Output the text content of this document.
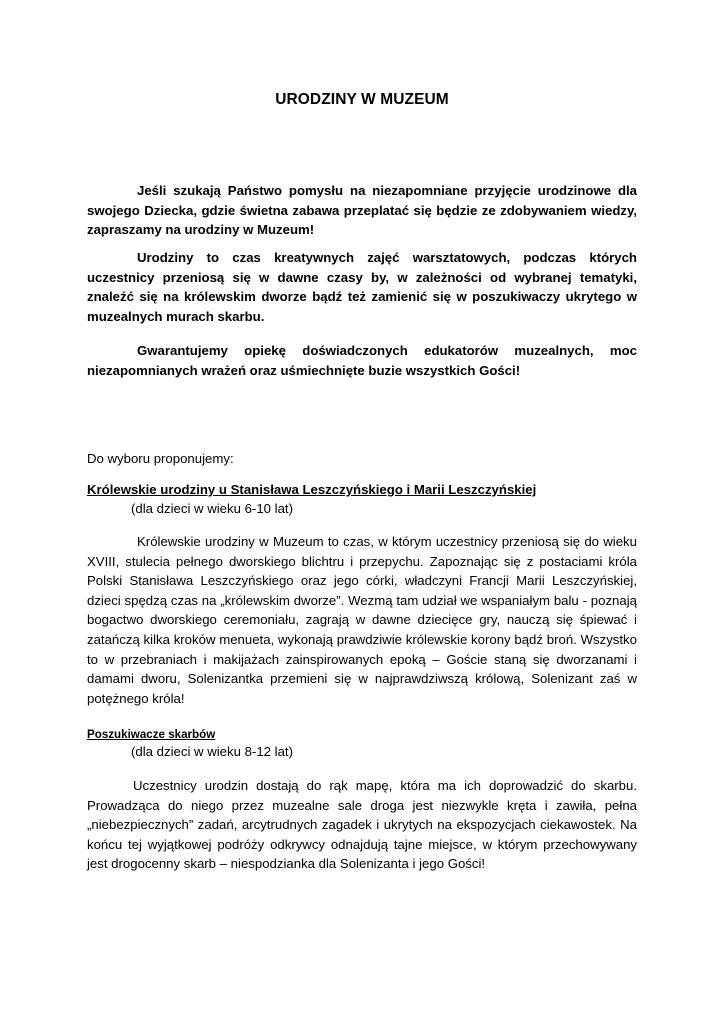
URODZINY W MUZEUM

Jeśli szukają Państwo pomysłu na niezapomniane przyjęcie urodzinowe dla swojego Dziecka, gdzie świetna zabawa przeplatać się będzie ze zdobywaniem wiedzy, zapraszamy na urodziny w Muzeum!

Urodziny to czas kreatywnych zajęć warsztatowych, podczas których uczestnicy przeniosą się w dawne czasy by, w zależności od wybranej tematyki, znaleźć się na królewskim dworze bądź też zamienić się w poszukiwaczy ukrytego w muzealnych murach skarbu.

Gwarantujemy opiekę doświadczonych edukatorów muzealnych, moc niezapomnianych wrażeń oraz uśmiechnięte buzie wszystkich Gości!

Do wyboru proponujemy:

Królewskie urodziny u Stanisława Leszczyńskiego i Marii Leszczyńskiej

(dla dzieci w wieku 6-10 lat)

Królewskie urodziny w Muzeum to czas, w którym uczestnicy przeniosą się do wieku XVIII, stulecia pełnego dworskiego blichtru i przepychu. Zapoznając się z postaciami króla Polski Stanisława Leszczyńskiego oraz jego córki, władczyni Francji Marii Leszczyńskiej, dzieci spędzą czas na „królewskim dworze”. Wezmą tam udział we wspaniałym balu - poznają bogactwo dworskiego ceremoniału, zagrają w dawne dziecięce gry, nauczą się śpiewać i zatańczą kilka kroków menueta, wykonają prawdziwie królewskie korony bądź broń. Wszystko to w przebraniach i makijażach zainspirowanych epoką – Goście staną się dworzanami i damami dworu, Solenizantka przemieni się w najprawdziwszą królową, Solenizant zaś w potężnego króla!

Poszukiwacze skarbów

(dla dzieci w wieku 8-12 lat)

Uczestnicy urodzin dostają do rąk mapę, która ma ich doprowadzić do skarbu. Prowadząca do niego przez muzealne sale droga jest niezwykle kręta i zawiła, pełna „niebezpiecznych” zadań, arcytrudnych zagadek i ukrytych na ekspozycjach ciekawostek. Na końcu tej wyjątkowej podróży odkrywcy odnajdują tajne miejsce, w którym przechowywany jest drogocenny skarb – niespodzianka dla Solenizanta i jego Gości!
